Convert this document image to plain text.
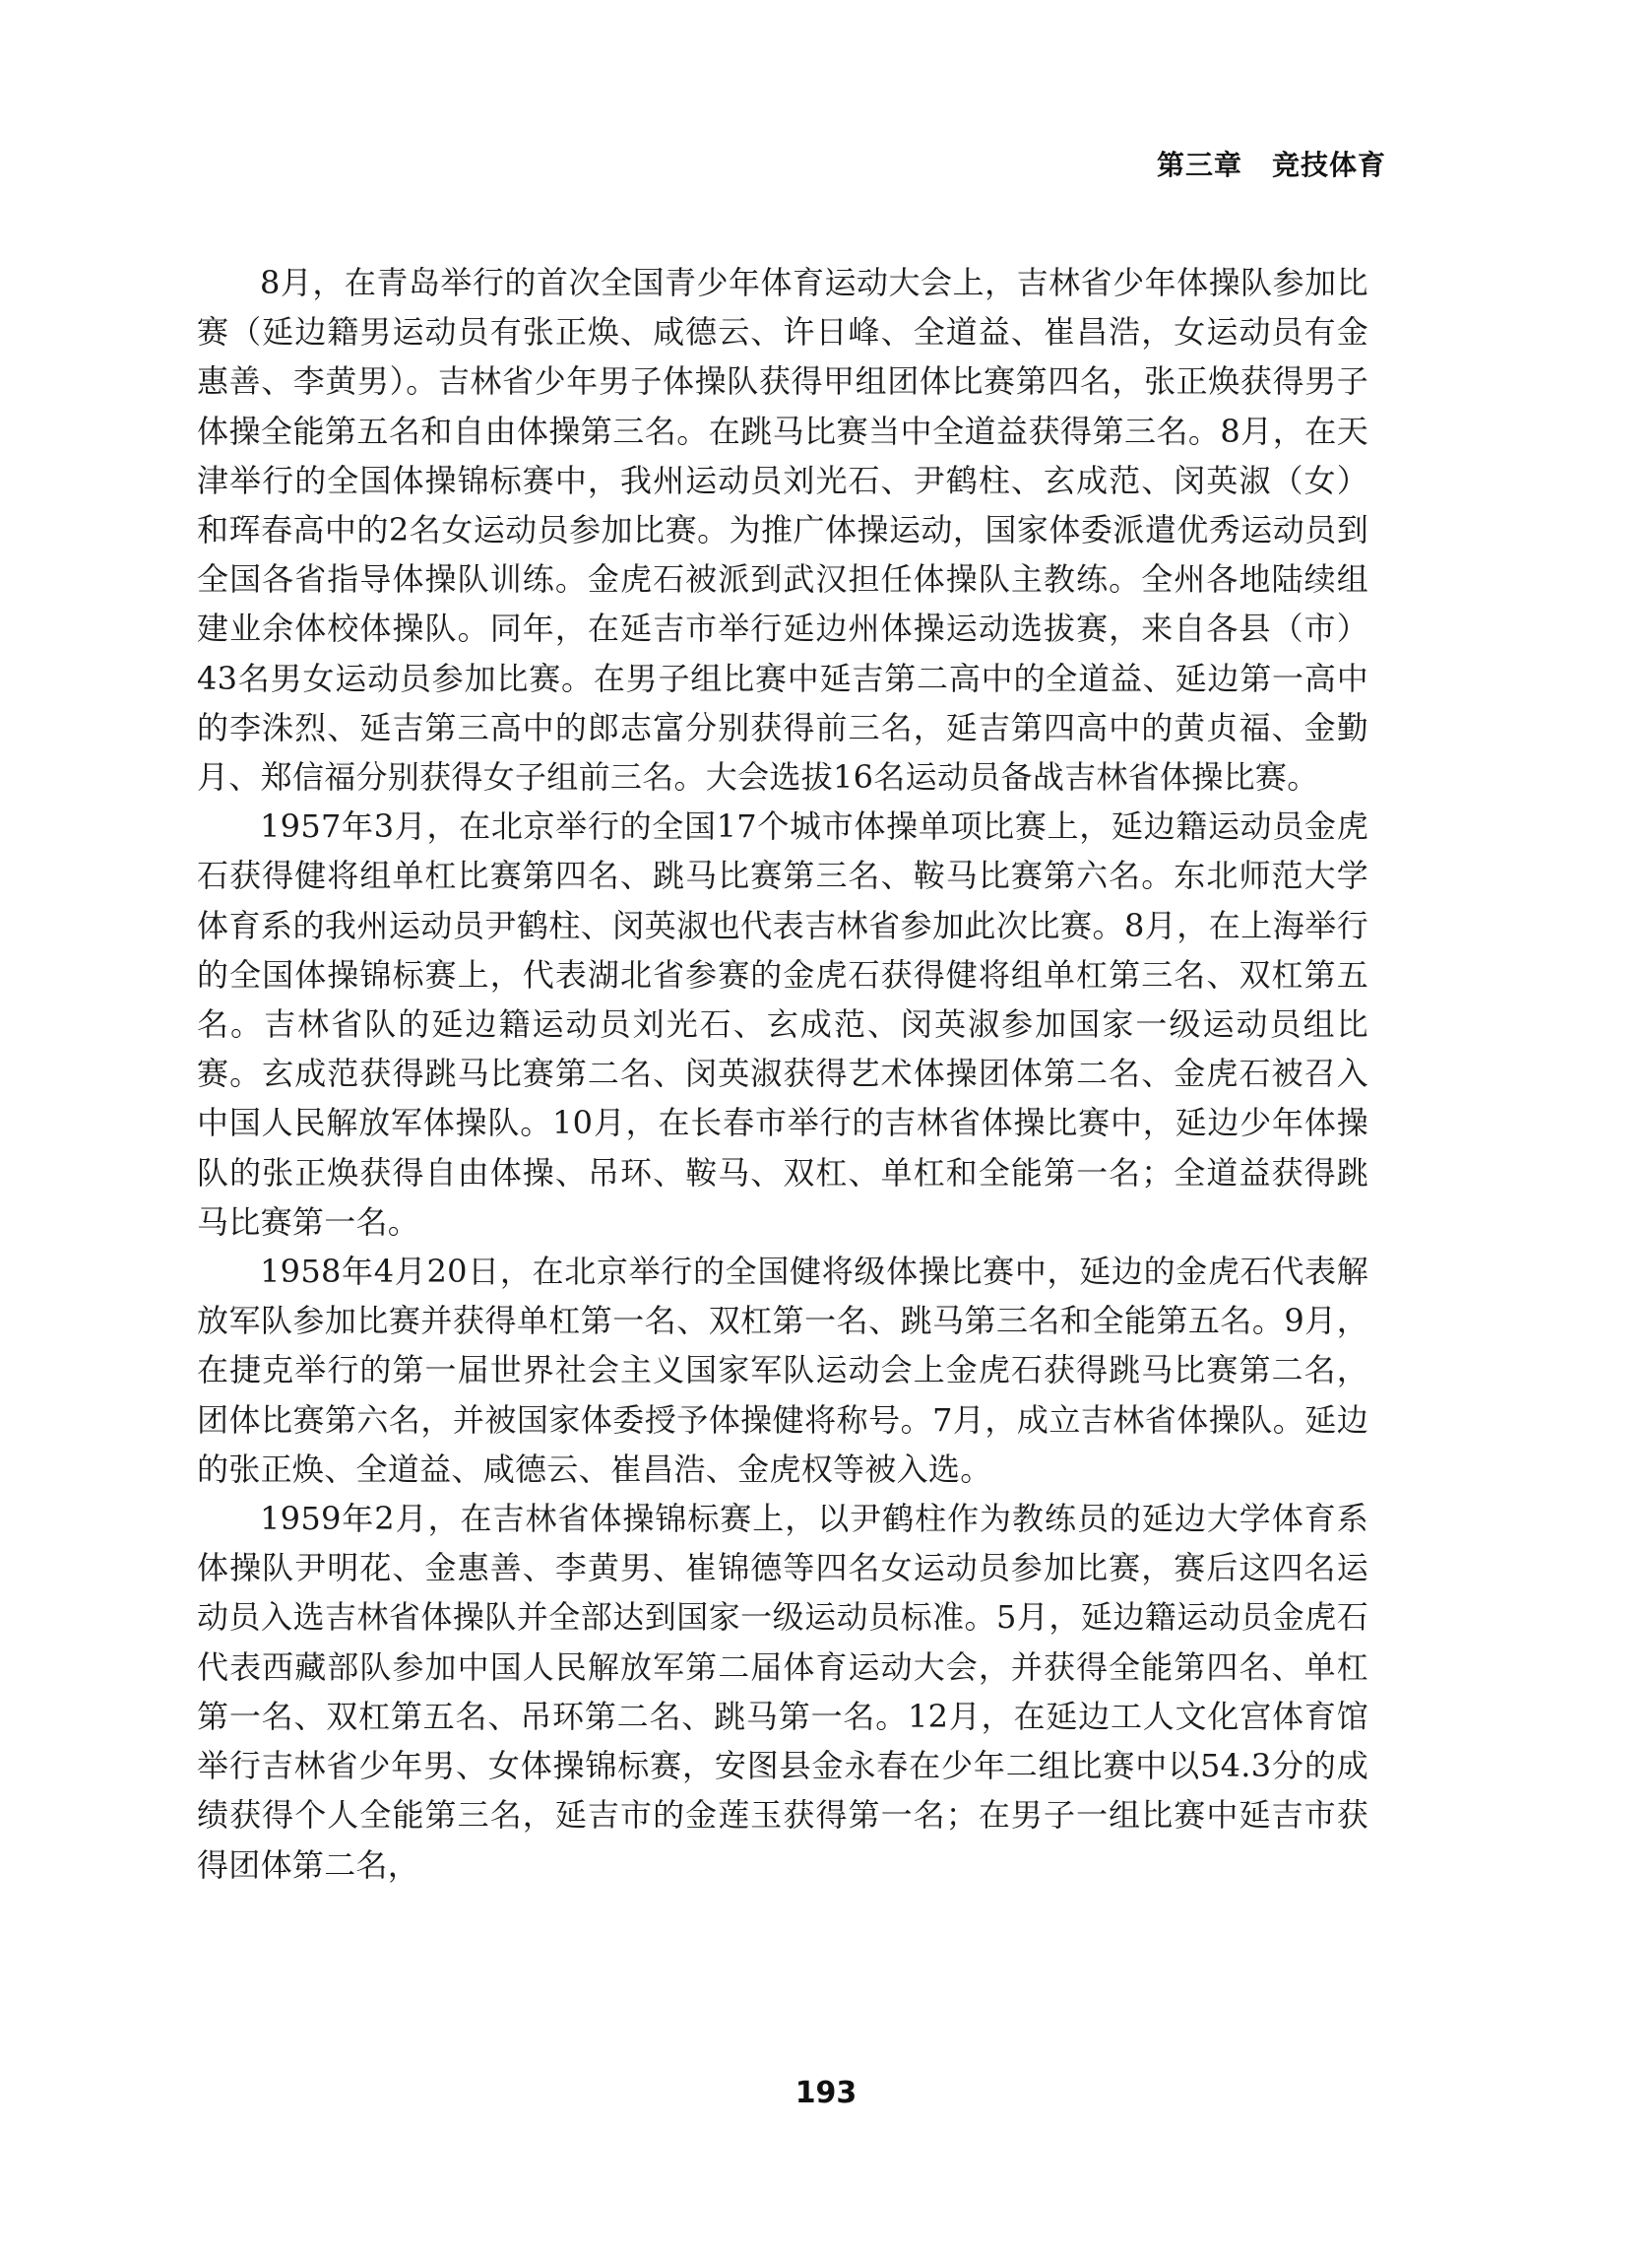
第三章 竞技体育

8月，在青岛举行的首次全国青少年体育运动大会上，吉林省少年体操队参加比赛（延边籍男运动员有张正焕、咸德云、许日峰、全道益、崔昌浩，女运动员有金惠善、李黄男）。吉林省少年男子体操队获得甲组团体比赛第四名，张正焕获得男子体操全能第五名和自由体操第三名。在跳马比赛当中全道益获得第三名。8月，在天津举行的全国体操锦标赛中，我州运动员刘光石、尹鹤柱、玄成范、闵英淑（女）和珲春高中的2名女运动员参加比赛。为推广体操运动，国家体委派遣优秀运动员到全国各省指导体操队训练。金虎石被派到武汉担任体操队主教练。全州各地陆续组建业余体校体操队。同年，在延吉市举行延边州体操运动选拔赛，来自各县（市）43名男女运动员参加比赛。在男子组比赛中延吉第二高中的全道益、延边第一高中的李洙烈、延吉第三高中的郎志富分别获得前三名，延吉第四高中的黄贞福、金勤月、郑信福分别获得女子组前三名。大会选拔16名运动员备战吉林省体操比赛。

1957年3月，在北京举行的全国17个城市体操单项比赛上，延边籍运动员金虎石获得健将组单杠比赛第四名、跳马比赛第三名、鞍马比赛第六名。东北师范大学体育系的我州运动员尹鹤柱、闵英淑也代表吉林省参加此次比赛。8月，在上海举行的全国体操锦标赛上，代表湖北省参赛的金虎石获得健将组单杠第三名、双杠第五名。吉林省队的延边籍运动员刘光石、玄成范、闵英淑参加国家一级运动员组比赛。玄成范获得跳马比赛第二名、闵英淑获得艺术体操团体第二名、金虎石被召入中国人民解放军体操队。10月，在长春市举行的吉林省体操比赛中，延边少年体操队的张正焕获得自由体操、吊环、鞍马、双杠、单杠和全能第一名；全道益获得跳马比赛第一名。

1958年4月20日，在北京举行的全国健将级体操比赛中，延边的金虎石代表解放军队参加比赛并获得单杠第一名、双杠第一名、跳马第三名和全能第五名。9月，在捷克举行的第一届世界社会主义国家军队运动会上金虎石获得跳马比赛第二名，团体比赛第六名，并被国家体委授予体操健将称号。7月，成立吉林省体操队。延边的张正焕、全道益、咸德云、崔昌浩、金虎权等被入选。

1959年2月，在吉林省体操锦标赛上，以尹鹤柱作为教练员的延边大学体育系体操队尹明花、金惠善、李黄男、崔锦德等四名女运动员参加比赛，赛后这四名运动员入选吉林省体操队并全部达到国家一级运动员标准。5月，延边籍运动员金虎石代表西藏部队参加中国人民解放军第二届体育运动大会，并获得全能第四名、单杠第一名、双杠第五名、吊环第二名、跳马第一名。12月，在延边工人文化宫体育馆举行吉林省少年男、女体操锦标赛，安图县金永春在少年二组比赛中以54.3分的成绩获得个人全能第三名，延吉市的金莲玉获得第一名；在男子一组比赛中延吉市获得团体第二名，

193
